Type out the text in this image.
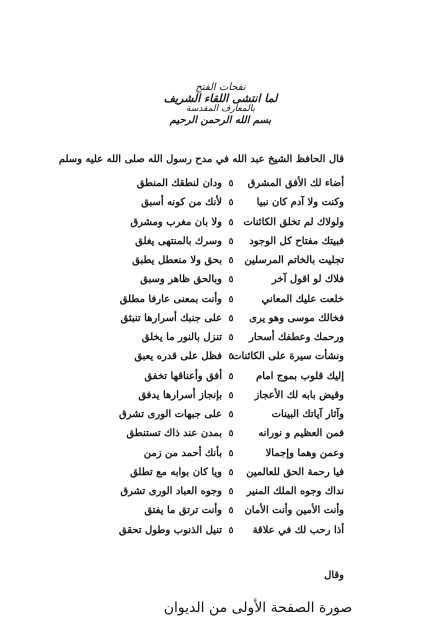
نفحات الفتح
لما انتشى اللقاء الشريف
بالمعارف المقدسة
بسم الله الرحمن الرحيم
قال الحافظ الشيخ عبد الله في مدح رسول الله صلى الله عليه وسلم
أضاء لك الأفق المشرق
٥
ودان لنطقك المنطق
وكنت ولا آدم كان نبيا
٥
لأنك من كونه أسبق
ولولاك لم تخلق الكائنات
٥
ولا بان مغرب ومشرق
فبيتك مفتاح كل الوجود
٥
وسرك بالمنتهى يغلق
تجليت بالخاتم المرسلين
٥
بحق ولا منعطل يطبق
فلاك لو اقول آخر
٥
وبالحق ظاهر وسبق
خلعت عليك المعاني
٥
وأنت بمعنى عارفا مطلق
فخالك موسى وهو يرى
٥
على جنبك أسرارها تنبثق
ورحمك وعطفك أسحار
٥
تنزل بالنور ما يخلق
ونشأت سيرة على الكائنات
٥
فظل على قدره يعبق
إليك قلوب بموج امام
٥
أفق وأعناقها تخفق
وقيض بابه لك الأعجاز
٥
بإنجاز أسرارها يدفق
وآثار آياتك البينات
٥
على جبهات الورى تشرق
فمن العظيم و نورانه
٥
بمدن عند ذاك تستنطق
وعمن وهما وإجمالا
٥
بأنك أحمد من زمن
فيا رحمة الحق للعالمين
٥
ويا كان بوابه مع تطلق
نداك وجوه الملك المنير
٥
وجوه العباد الورى تشرق
وأنت الأمين وأنت الأمان
٥
وأنت ترتق ما يفتق
أذا رحب لك في علاقة
٥
تنيل الذنوب وطول تحقق
وقال
صورة الصفحة الأولى من الديوان
